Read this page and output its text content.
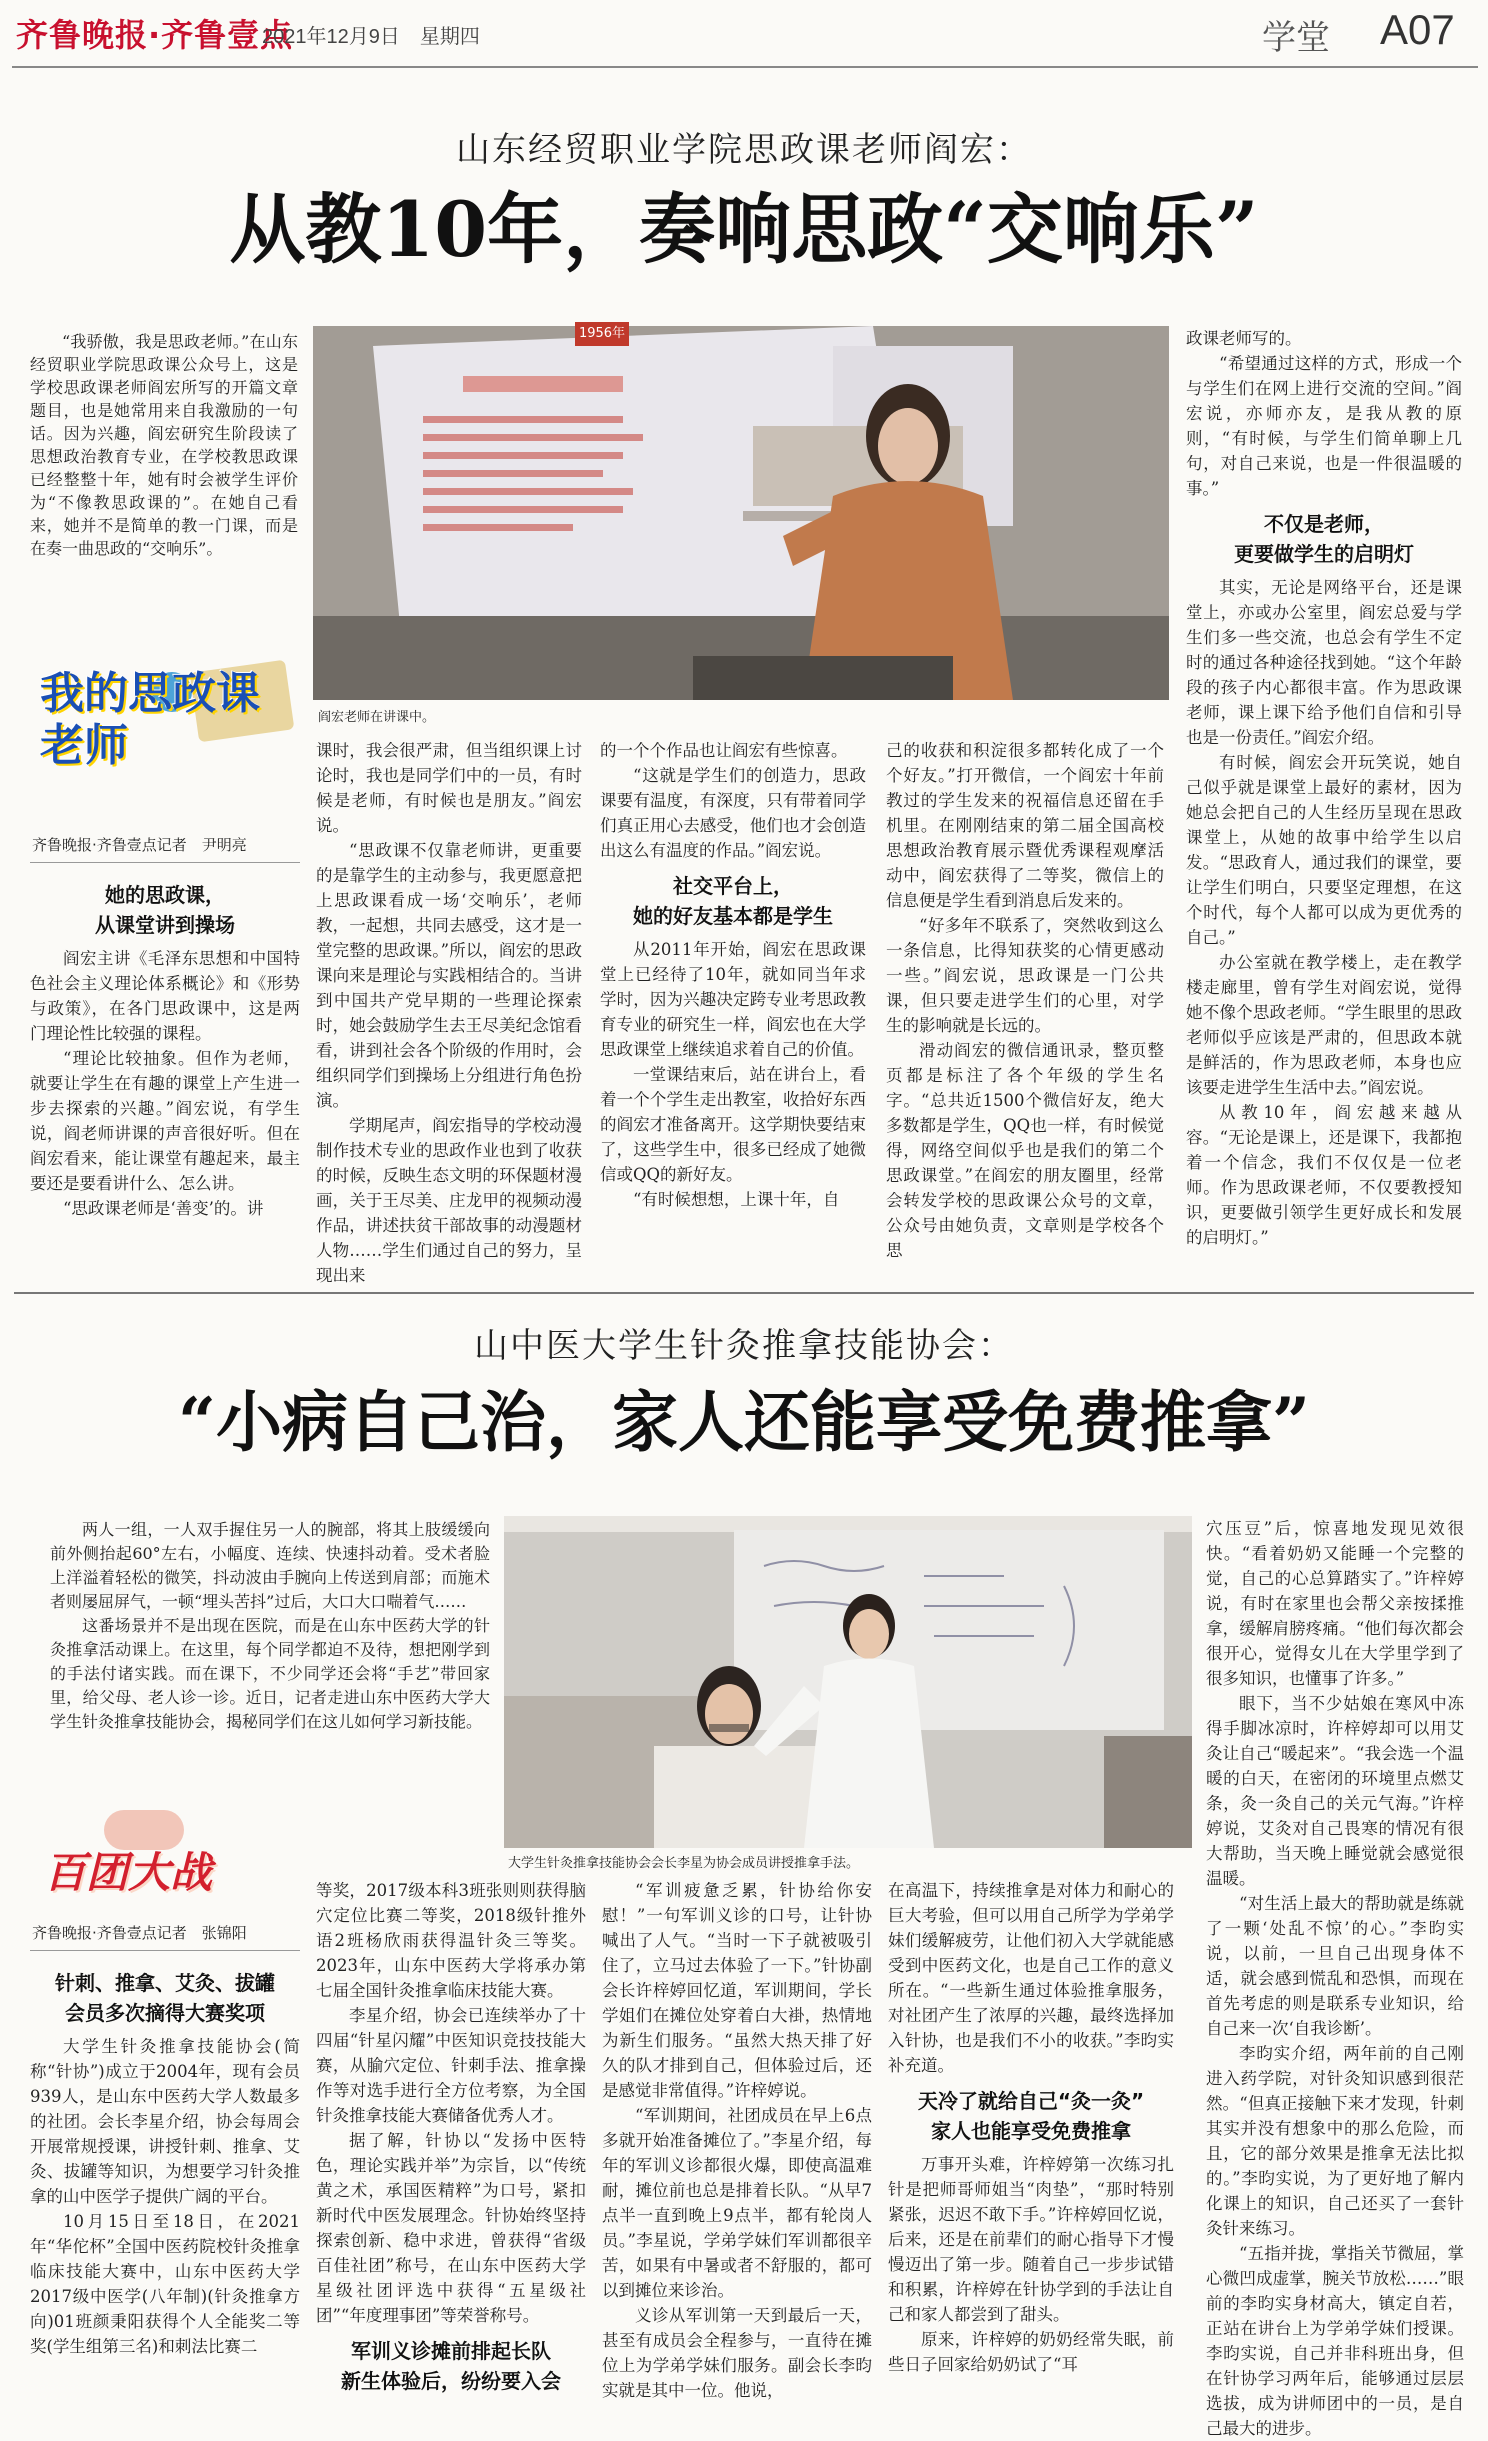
齐鲁晚报·齐鲁壹点
2021年12月9日　星期四	学堂 A07
山东经贸职业学院思政课老师阎宏：
从教10年，奏响思政“交响乐”

“我骄傲，我是思政老师。”在山东经贸职业学院思政课公众号上，这是学校思政课老师阎宏所写的开篇文章题目，也是她常用来自我激励的一句话。因为兴趣，阎宏研究生阶段读了思想政治教育专业，在学校教思政课已经整整十年，她有时会被学生评价为“不像教思政课的”。在她自己看来，她并不是简单的教一门课，而是在奏一曲思政的“交响乐”。

我的思政课老师
齐鲁晚报·齐鲁壹点记者　尹明亮
1956年
阎宏老师在讲课中。
她的思政课，
从课堂讲到操场

阎宏主讲《毛泽东思想和中国特色社会主义理论体系概论》和《形势与政策》，在各门思政课中，这是两门理论性比较强的课程。

“理论比较抽象。但作为老师，就要让学生在有趣的课堂上产生进一步去探索的兴趣。”阎宏说，有学生说，阎老师讲课的声音很好听。但在阎宏看来，能让课堂有趣起来，最主要还是要看讲什么、怎么讲。

“思政课老师是‘善变’的。讲

课时，我会很严肃，但当组织课上讨论时，我也是同学们中的一员，有时候是老师，有时候也是朋友。”阎宏说。

“思政课不仅靠老师讲，更重要的是靠学生的主动参与，我更愿意把上思政课看成一场‘交响乐’，老师教，一起想，共同去感受，这才是一堂完整的思政课。”所以，阎宏的思政课向来是理论与实践相结合的。当讲到中国共产党早期的一些理论探索时，她会鼓励学生去王尽美纪念馆看看，讲到社会各个阶级的作用时，会组织同学们到操场上分组进行角色扮演。

学期尾声，阎宏指导的学校动漫制作技术专业的思政作业也到了收获的时候，反映生态文明的环保题材漫画，关于王尽美、庄龙甲的视频动漫作品，讲述扶贫干部故事的动漫题材人物……学生们通过自己的努力，呈现出来

的一个个作品也让阎宏有些惊喜。

“这就是学生们的创造力，思政课要有温度，有深度，只有带着同学们真正用心去感受，他们也才会创造出这么有温度的作品。”阎宏说。

社交平台上，
她的好友基本都是学生

从2011年开始，阎宏在思政课堂上已经待了10年，就如同当年求学时，因为兴趣决定跨专业考思政教育专业的研究生一样，阎宏也在大学思政课堂上继续追求着自己的价值。

一堂课结束后，站在讲台上，看着一个个学生走出教室，收拾好东西的阎宏才准备离开。这学期快要结束了，这些学生中，很多已经成了她微信或QQ的新好友。

“有时候想想，上课十年，自

己的收获和积淀很多都转化成了一个个好友。”打开微信，一个阎宏十年前教过的学生发来的祝福信息还留在手机里。在刚刚结束的第二届全国高校思想政治教育展示暨优秀课程观摩活动中，阎宏获得了二等奖，微信上的信息便是学生看到消息后发来的。

“好多年不联系了，突然收到这么一条信息，比得知获奖的心情更感动一些。”阎宏说，思政课是一门公共课，但只要走进学生们的心里，对学生的影响就是长远的。

滑动阎宏的微信通讯录，整页整页都是标注了各个年级的学生名字。“总共近1500个微信好友，绝大多数都是学生，QQ也一样，有时候觉得，网络空间似乎也是我们的第二个思政课堂。”在阎宏的朋友圈里，经常会转发学校的思政课公众号的文章，公众号由她负责，文章则是学校各个思

政课老师写的。

“希望通过这样的方式，形成一个与学生们在网上进行交流的空间。”阎宏说，亦师亦友，是我从教的原则，“有时候，与学生们简单聊上几句，对自己来说，也是一件很温暖的事。”

不仅是老师，
更要做学生的启明灯

其实，无论是网络平台，还是课堂上，亦或办公室里，阎宏总爱与学生们多一些交流，也总会有学生不定时的通过各种途径找到她。“这个年龄段的孩子内心都很丰富。作为思政课老师，课上课下给予他们自信和引导也是一份责任。”阎宏介绍。

有时候，阎宏会开玩笑说，她自己似乎就是课堂上最好的素材，因为她总会把自己的人生经历呈现在思政课堂上，从她的故事中给学生以启发。“思政育人，通过我们的课堂，要让学生们明白，只要坚定理想，在这个时代，每个人都可以成为更优秀的自己。”

办公室就在教学楼上，走在教学楼走廊里，曾有学生对阎宏说，觉得她不像个思政老师。“学生眼里的思政老师似乎应该是严肃的，但思政本就是鲜活的，作为思政老师，本身也应该要走进学生生活中去。”阎宏说。

从教10年，阎宏越来越从容。“无论是课上，还是课下，我都抱着一个信念，我们不仅仅是一位老师。作为思政课老师，不仅要教授知识，更要做引领学生更好成长和发展的启明灯。”

山中医大学生针灸推拿技能协会：
“小病自己治，家人还能享受免费推拿”

两人一组，一人双手握住另一人的腕部，将其上肢缓缓向前外侧抬起60°左右，小幅度、连续、快速抖动着。受术者脸上洋溢着轻松的微笑，抖动波由手腕向上传送到肩部；而施术者则屡屈屏气，一顿“埋头苦抖”过后，大口大口喘着气……

这番场景并不是出现在医院，而是在山东中医药大学的针灸推拿活动课上。在这里，每个同学都迫不及待，想把刚学到的手法付诸实践。而在课下，不少同学还会将“手艺”带回家里，给父母、老人诊一诊。近日，记者走进山东中医药大学大学生针灸推拿技能协会，揭秘同学们在这儿如何学习新技能。

百团大战
齐鲁晚报·齐鲁壹点记者　张锦阳
大学生针灸推拿技能协会会长李星为协会成员讲授推拿手法。
针刺、推拿、艾灸、拔罐
会员多次摘得大赛奖项

大学生针灸推拿技能协会(简称“针协”)成立于2004年，现有会员939人，是山东中医药大学人数最多的社团。会长李星介绍，协会每周会开展常规授课，讲授针刺、推拿、艾灸、拔罐等知识，为想要学习针灸推拿的山中医学子提供广阔的平台。

10月15日至18日，在2021年“华佗杯”全国中医药院校针灸推拿临床技能大赛中，山东中医药大学2017级中医学(八年制)(针灸推拿方向)01班颜秉阳获得个人全能奖二等奖(学生组第三名)和刺法比赛二

等奖，2017级本科3班张则则获得脑穴定位比赛二等奖，2018级针推外语2班杨欣雨获得温针灸三等奖。2023年，山东中医药大学将承办第七届全国针灸推拿临床技能大赛。

李星介绍，协会已连续举办了十四届“针星闪耀”中医知识竞技技能大赛，从腧穴定位、针刺手法、推拿操作等对选手进行全方位考察，为全国针灸推拿技能大赛储备优秀人才。

据了解，针协以“发扬中医特色，理论实践并举”为宗旨，以“传统黄之术，承国医精粹”为口号，紧扣新时代中医发展理念。针协始终坚持探索创新、稳中求进，曾获得“省级百佳社团”称号，在山东中医药大学星级社团评选中获得“五星级社团”“年度理事团”等荣誉称号。

军训义诊摊前排起长队
新生体验后，纷纷要入会

“军训疲惫乏累，针协给你安慰！”一句军训义诊的口号，让针协喊出了人气。“当时一下子就被吸引住了，立马过去体验了一下。”针协副会长许梓婷回忆道，军训期间，学长学姐们在摊位处穿着白大褂，热情地为新生们服务。“虽然大热天排了好久的队才排到自己，但体验过后，还是感觉非常值得。”许梓婷说。

“军训期间，社团成员在早上6点多就开始准备摊位了。”李星介绍，每年的军训义诊都很火爆，即使高温难耐，摊位前也总是排着长队。“从早7点半一直到晚上9点半，都有轮岗人员。”李星说，学弟学妹们军训都很辛苦，如果有中暑或者不舒服的，都可以到摊位来诊治。

义诊从军训第一天到最后一天，甚至有成员会全程参与，一直待在摊位上为学弟学妹们服务。副会长李昀实就是其中一位。他说，

在高温下，持续推拿是对体力和耐心的巨大考验，但可以用自己所学为学弟学妹们缓解疲劳，让他们初入大学就能感受到中医药文化，也是自己工作的意义所在。“一些新生通过体验推拿服务，对社团产生了浓厚的兴趣，最终选择加入针协，也是我们不小的收获。”李昀实补充道。

天冷了就给自己“灸一灸”
家人也能享受免费推拿

万事开头难，许梓婷第一次练习扎针是把师哥师姐当“肉垫”，“那时特别紧张，迟迟不敢下手。”许梓婷回忆说，后来，还是在前辈们的耐心指导下才慢慢迈出了第一步。随着自己一步步试错和积累，许梓婷在针协学到的手法让自己和家人都尝到了甜头。

原来，许梓婷的奶奶经常失眠，前些日子回家给奶奶试了“耳

穴压豆”后，惊喜地发现见效很快。“看着奶奶又能睡一个完整的觉，自己的心总算踏实了。”许梓婷说，有时在家里也会帮父亲按揉推拿，缓解肩膀疼痛。“他们每次都会很开心，觉得女儿在大学里学到了很多知识，也懂事了许多。”

眼下，当不少姑娘在寒风中冻得手脚冰凉时，许梓婷却可以用艾灸让自己“暖起来”。“我会选一个温暖的白天，在密闭的环境里点燃艾条，灸一灸自己的关元气海。”许梓婷说，艾灸对自己畏寒的情况有很大帮助，当天晚上睡觉就会感觉很温暖。

“对生活上最大的帮助就是练就了一颗‘处乱不惊’的心。”李昀实说，以前，一旦自己出现身体不适，就会感到慌乱和恐惧，而现在首先考虑的则是联系专业知识，给自己来一次‘自我诊断’。

李昀实介绍，两年前的自己刚进入药学院，对针灸知识感到很茫然。“但真正接触下来才发现，针刺其实并没有想象中的那么危险，而且，它的部分效果是推拿无法比拟的。”李昀实说，为了更好地了解内化课上的知识，自己还买了一套针灸针来练习。

“五指并拢，掌指关节微屈，掌心微凹成虚掌，腕关节放松……”眼前的李昀实身材高大，镇定自若，正站在讲台上为学弟学妹们授课。李昀实说，自己并非科班出身，但在针协学习两年后，能够通过层层选拔，成为讲师团中的一员，是自己最大的进步。
